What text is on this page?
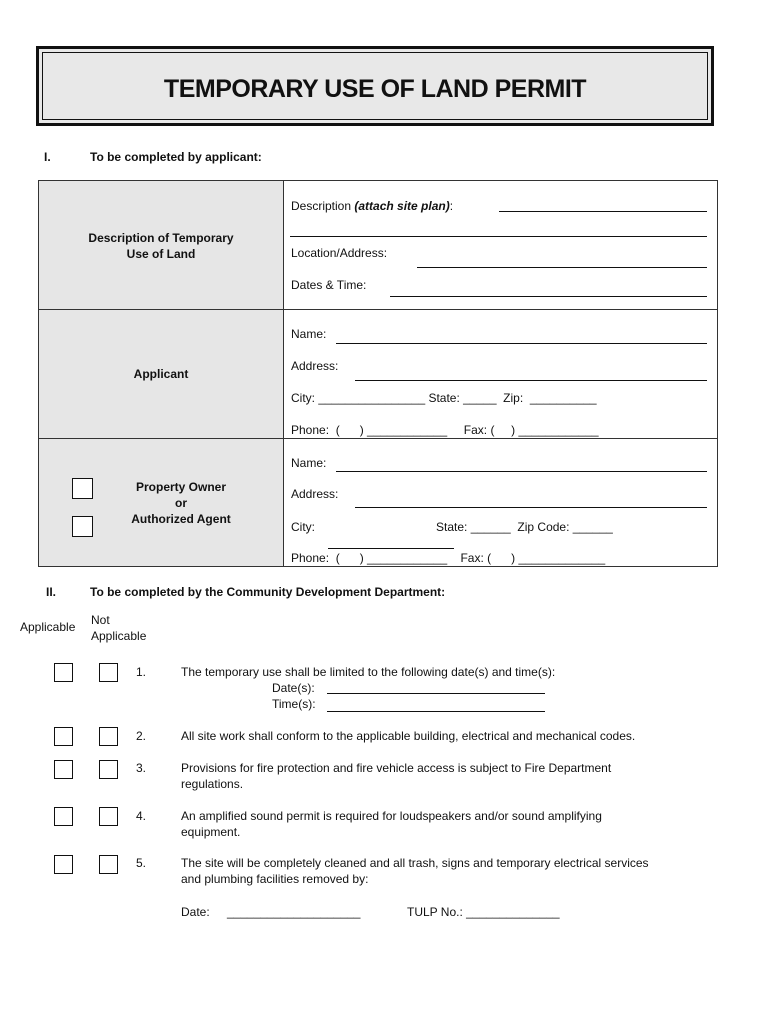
TEMPORARY USE OF LAND PERMIT
I.	To be completed by applicant:
Description of Temporary
Use of Land
Description (attach site plan):
Location/Address:
Dates & Time:
Applicant
Name:
Address:
City: ________________ State: _____  Zip:  __________
Phone:  (      ) ____________     Fax: (     ) ____________
Property Owner
or
Authorized Agent
Name:
Address:
City:	State: ______  Zip Code: ______
Phone:  (      ) ____________    Fax: (      ) _____________
II.	To be completed by the Community Development Department:
Applicable Not
Applicable
1.	The temporary use shall be limited to the following date(s) and time(s):
Date(s):
Time(s):
2.	All site work shall conform to the applicable building, electrical and mechanical codes.
3.	Provisions for fire protection and fire vehicle access is subject to Fire Department
regulations.
4.	An amplified sound permit is required for loudspeakers and/or sound amplifying
equipment.
5.	The site will be completely cleaned and all trash, signs and temporary electrical services
and plumbing facilities removed by:
Date: ____________________	TULP No.: ______________
